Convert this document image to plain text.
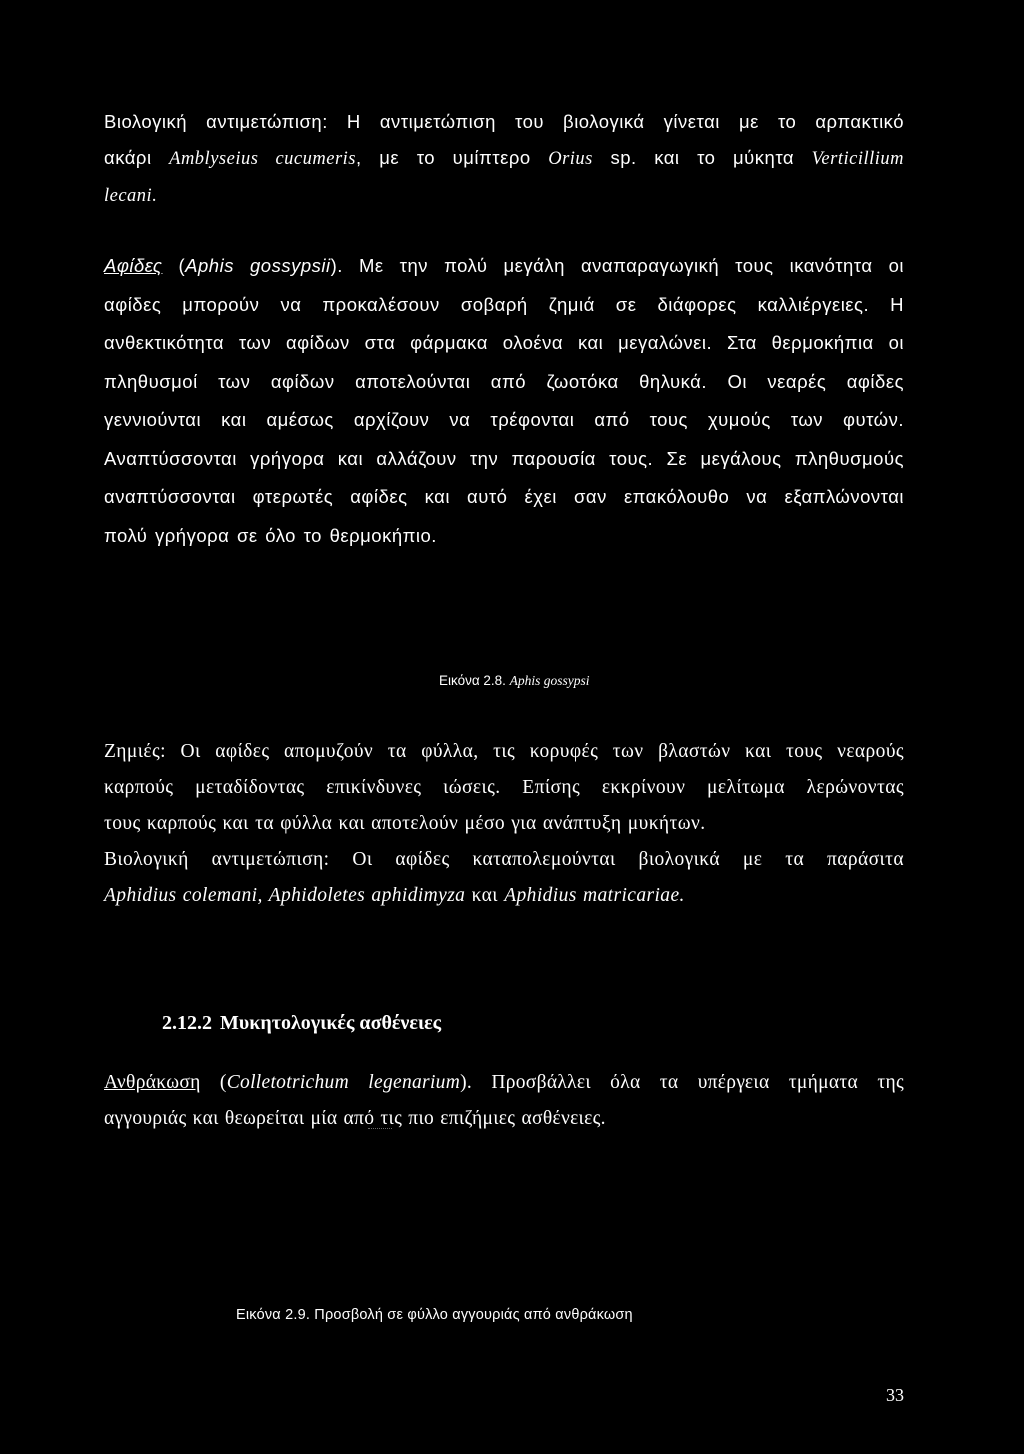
Βιολογική αντιμετώπιση: Η αντιμετώπιση του βιολογικά γίνεται με το αρπακτικό
ακάρι Amblyseius cucumeris, με το υμίπτερο Orius sp. και το μύκητα Verticillium
lecani.

Αφίδες (Aphis gossypsii). Με την πολύ μεγάλη αναπαραγωγική τους ικανότητα οι
αφίδες μπορούν να προκαλέσουν σοβαρή ζημιά σε διάφορες καλλιέργειες. Η
ανθεκτικότητα των αφίδων στα φάρμακα ολοένα και μεγαλώνει. Στα θερμοκήπια οι
πληθυσμοί των αφίδων αποτελούνται από ζωοτόκα θηλυκά. Οι νεαρές αφίδες
γεννιούνται και αμέσως αρχίζουν να τρέφονται από τους χυμούς των φυτών.
Αναπτύσσονται γρήγορα και αλλάζουν την παρουσία τους. Σε μεγάλους πληθυσμούς
αναπτύσσονται φτερωτές αφίδες και αυτό έχει σαν επακόλουθο να εξαπλώνονται
πολύ γρήγορα σε όλο το θερμοκήπιο.

Εικόνα 2.8. Aphis gossypsi

Ζημιές: Οι αφίδες απομυζούν τα φύλλα, τις κορυφές των βλαστών και τους νεαρούς
καρπούς μεταδίδοντας επικίνδυνες ιώσεις. Επίσης εκκρίνουν μελίτωμα λερώνοντας
τους καρπούς και τα φύλλα και αποτελούν μέσο για ανάπτυξη μυκήτων.
Βιολογική αντιμετώπιση: Οι αφίδες καταπολεμούνται βιολογικά με τα παράσιτα
Aphidius colemani, Aphidoletes aphidimyza και Aphidius matricariae.

2.12.2 Μυκητολογικές ασθένειες

Ανθράκωση (Colletotrichum legenarium). Προσβάλλει όλα τα υπέργεια τμήματα της
αγγουριάς και θεωρείται μία από τις πιο επιζήμιες ασθένειες.

Εικόνα 2.9. Προσβολή σε φύλλο αγγουριάς από ανθράκωση
33
